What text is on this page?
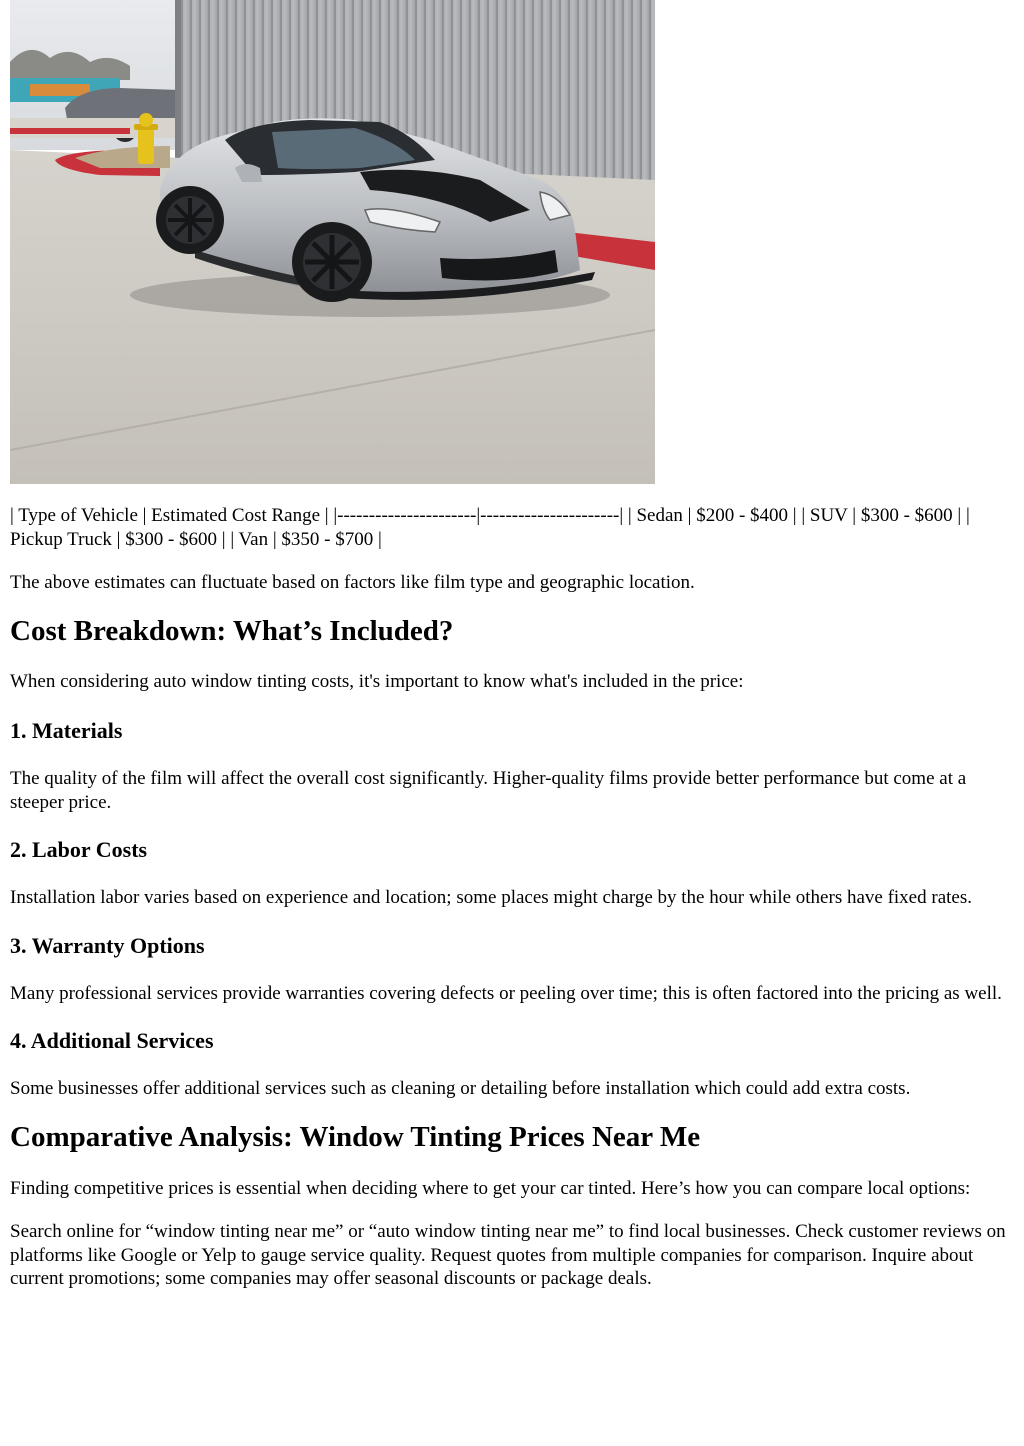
| Type of Vehicle | Estimated Cost Range | |----------------------|----------------------| | Sedan | $200 - $400 | | SUV | $300 - $600 | | Pickup Truck | $300 - $600 | | Van | $350 - $700 |

The above estimates can fluctuate based on factors like film type and geographic location.

Cost Breakdown: What’s Included?

When considering auto window tinting costs, it's important to know what's included in the price:

1. Materials

The quality of the film will affect the overall cost significantly. Higher-quality films provide better performance but come at a steeper price.

2. Labor Costs

Installation labor varies based on experience and location; some places might charge by the hour while others have fixed rates.

3. Warranty Options

Many professional services provide warranties covering defects or peeling over time; this is often factored into the pricing as well.

4. Additional Services

Some businesses offer additional services such as cleaning or detailing before installation which could add extra costs.

Comparative Analysis: Window Tinting Prices Near Me

Finding competitive prices is essential when deciding where to get your car tinted. Here’s how you can compare local options:

Search online for “window tinting near me” or “auto window tinting near me” to find local businesses. Check customer reviews on platforms like Google or Yelp to gauge service quality. Request quotes from multiple companies for comparison. Inquire about current promotions; some companies may offer seasonal discounts or package deals.
